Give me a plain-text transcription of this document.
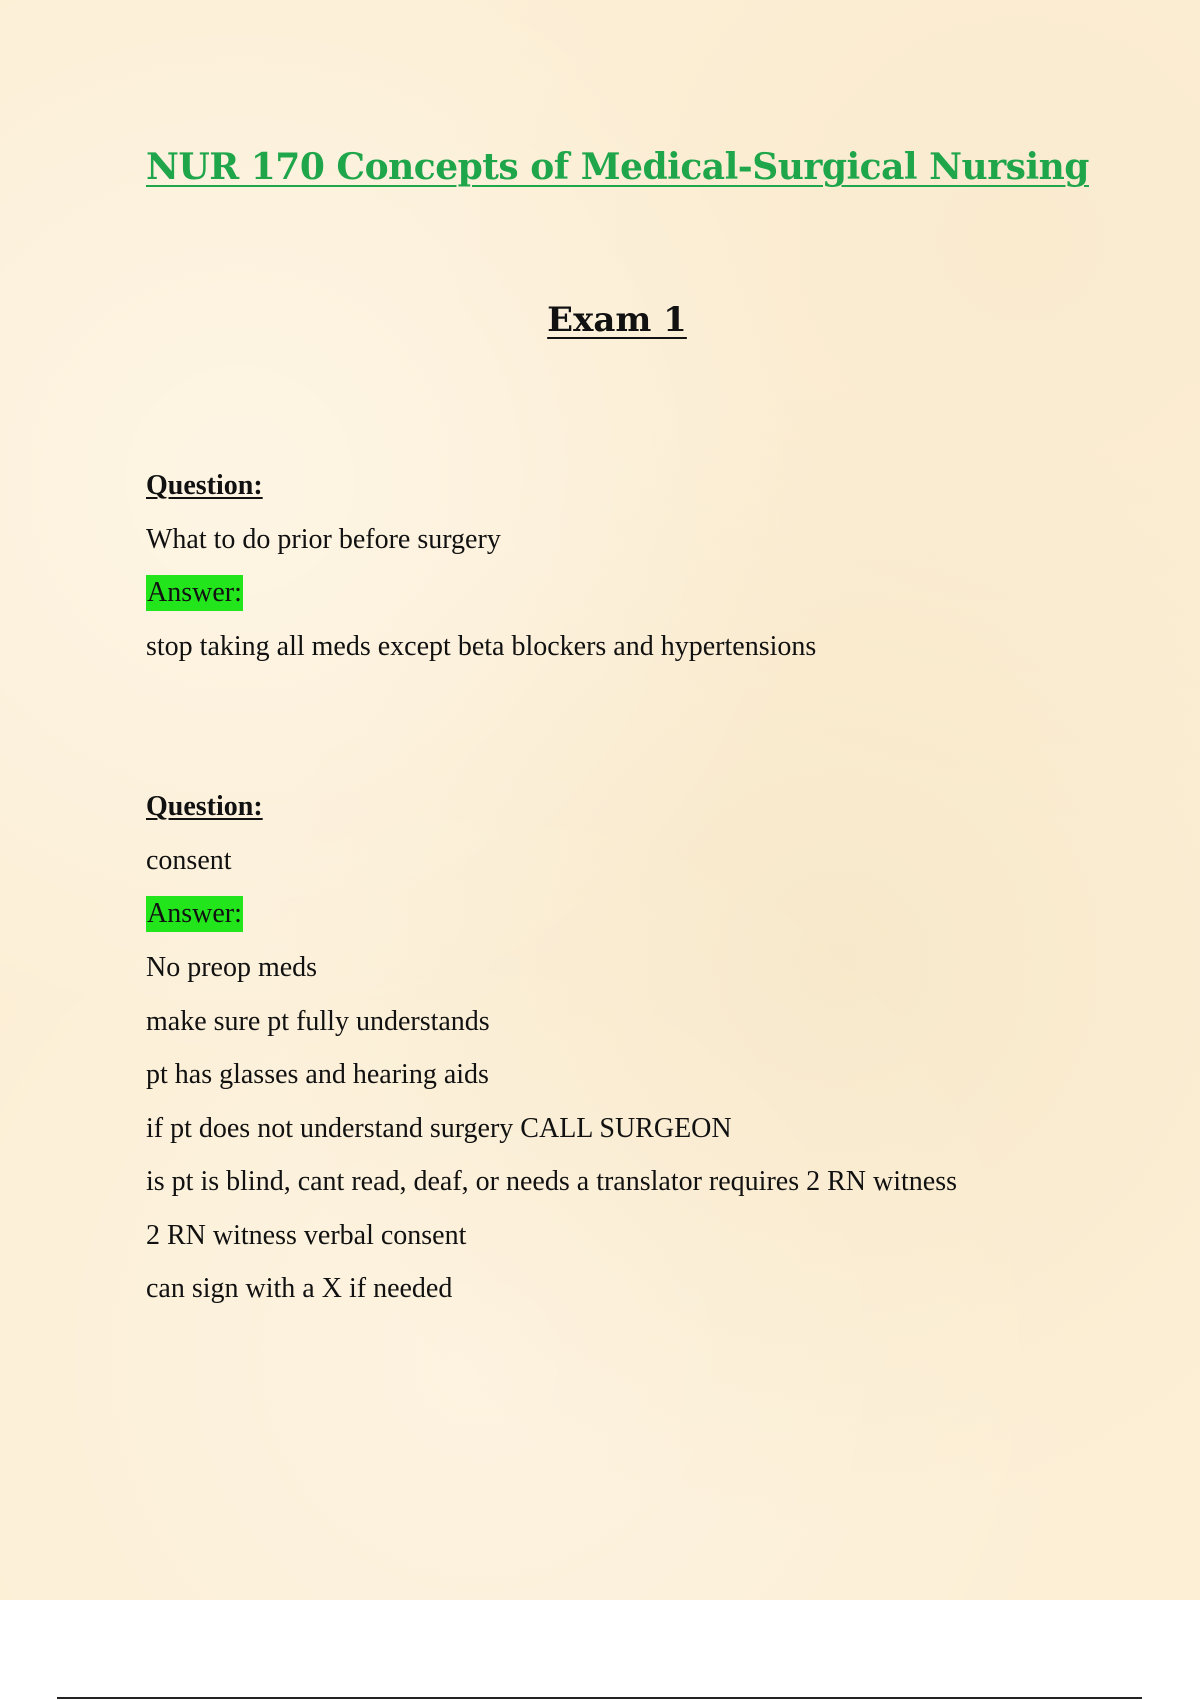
NUR 170 Concepts of Medical-Surgical Nursing
Exam 1
Question:
What to do prior before surgery
Answer:
stop taking all meds except beta blockers and hypertensions
Question:
consent
Answer:
No preop meds
make sure pt fully understands
pt has glasses and hearing aids
if pt does not understand surgery CALL SURGEON
is pt is blind, cant read, deaf, or needs a translator requires 2 RN witness
2 RN witness verbal consent
can sign with a X if needed
